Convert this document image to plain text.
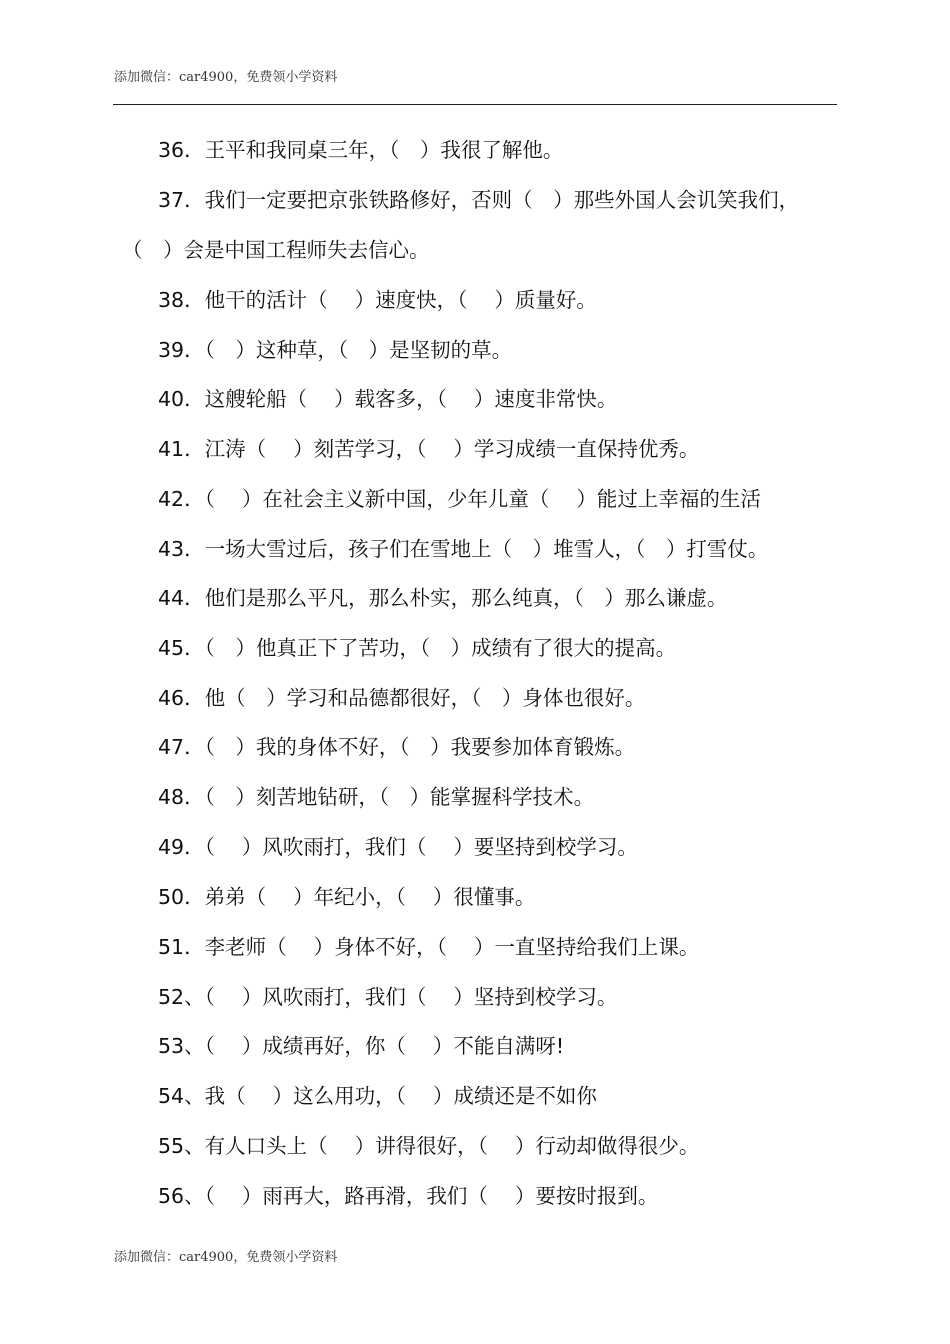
添加微信：car4900，免费领小学资料
36．王平和我同桌三年，（　）我很了解他。
37．我们一定要把京张铁路修好，否则（　）那些外国人会讥笑我们，
（　）会是中国工程师失去信心。
38．他干的活计（　 ）速度快，（　 ）质量好。
39．（　）这种草，（　）是坚韧的草。
40．这艘轮船（　 ）载客多，（　 ）速度非常快。
41．江涛（　 ）刻苦学习，（　 ）学习成绩一直保持优秀。
42．（　 ）在社会主义新中国，少年儿童（　 ）能过上幸福的生活
43．一场大雪过后，孩子们在雪地上（　）堆雪人，（　）打雪仗。
44．他们是那么平凡，那么朴实，那么纯真，（　）那么谦虚。
45．（　）他真正下了苦功，（　）成绩有了很大的提高。
46．他（　）学习和品德都很好，（　）身体也很好。
47．（　）我的身体不好，（　）我要参加体育锻炼。
48．（　）刻苦地钻研，（　）能掌握科学技术。
49．（　 ）风吹雨打，我们（　 ）要坚持到校学习。
50．弟弟（　 ）年纪小，（　 ）很懂事。
51．李老师（　 ）身体不好，（　 ）一直坚持给我们上课。
52、（　 ）风吹雨打，我们（　 ）坚持到校学习。
53、（　 ）成绩再好，你（　 ）不能自满呀!
54、我（　 ）这么用功，（　 ）成绩还是不如你
55、有人口头上（　 ）讲得很好，（　 ）行动却做得很少。
56、（　 ）雨再大，路再滑，我们（　 ）要按时报到。
添加微信：car4900，免费领小学资料
